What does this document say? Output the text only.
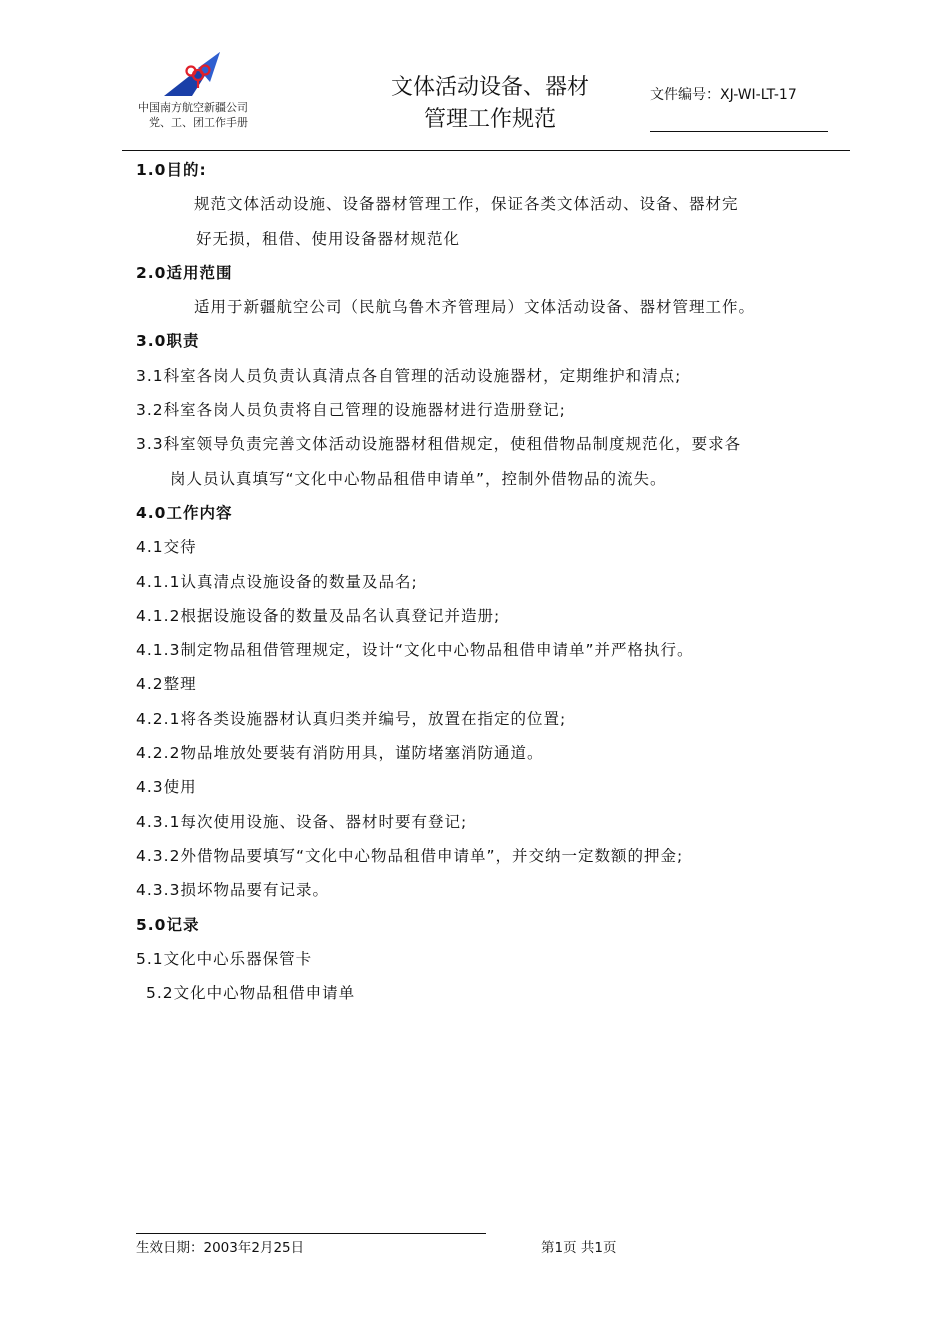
中国南方航空新疆公司
党、工、团工作手册
文体活动设备、器材
管理工作规范
文件编号：XJ-WI-LT-17
1.0目的:
规范文体活动设施、设备器材管理工作，保证各类文体活动、设备、器材完
好无损，租借、使用设备器材规范化
2.0适用范围
适用于新疆航空公司（民航乌鲁木齐管理局）文体活动设备、器材管理工作。
3.0职责
3.1科室各岗人员负责认真清点各自管理的活动设施器材，定期维护和清点;
3.2科室各岗人员负责将自己管理的设施器材进行造册登记;
3.3科室领导负责完善文体活动设施器材租借规定，使租借物品制度规范化，要求各
岗人员认真填写“文化中心物品租借申请单”，控制外借物品的流失。
4.0工作内容
4.1交待
4.1.1认真清点设施设备的数量及品名;
4.1.2根据设施设备的数量及品名认真登记并造册;
4.1.3制定物品租借管理规定，设计“文化中心物品租借申请单”并严格执行。
4.2整理
4.2.1将各类设施器材认真归类并编号，放置在指定的位置;
4.2.2物品堆放处要装有消防用具，谨防堵塞消防通道。
4.3使用
4.3.1每次使用设施、设备、器材时要有登记;
4.3.2外借物品要填写“文化中心物品租借申请单”，并交纳一定数额的押金;
4.3.3损坏物品要有记录。
5.0记录
5.1文化中心乐器保管卡
5.2文化中心物品租借申请单
生效日期：2003年2月25日	第1页 共1页
